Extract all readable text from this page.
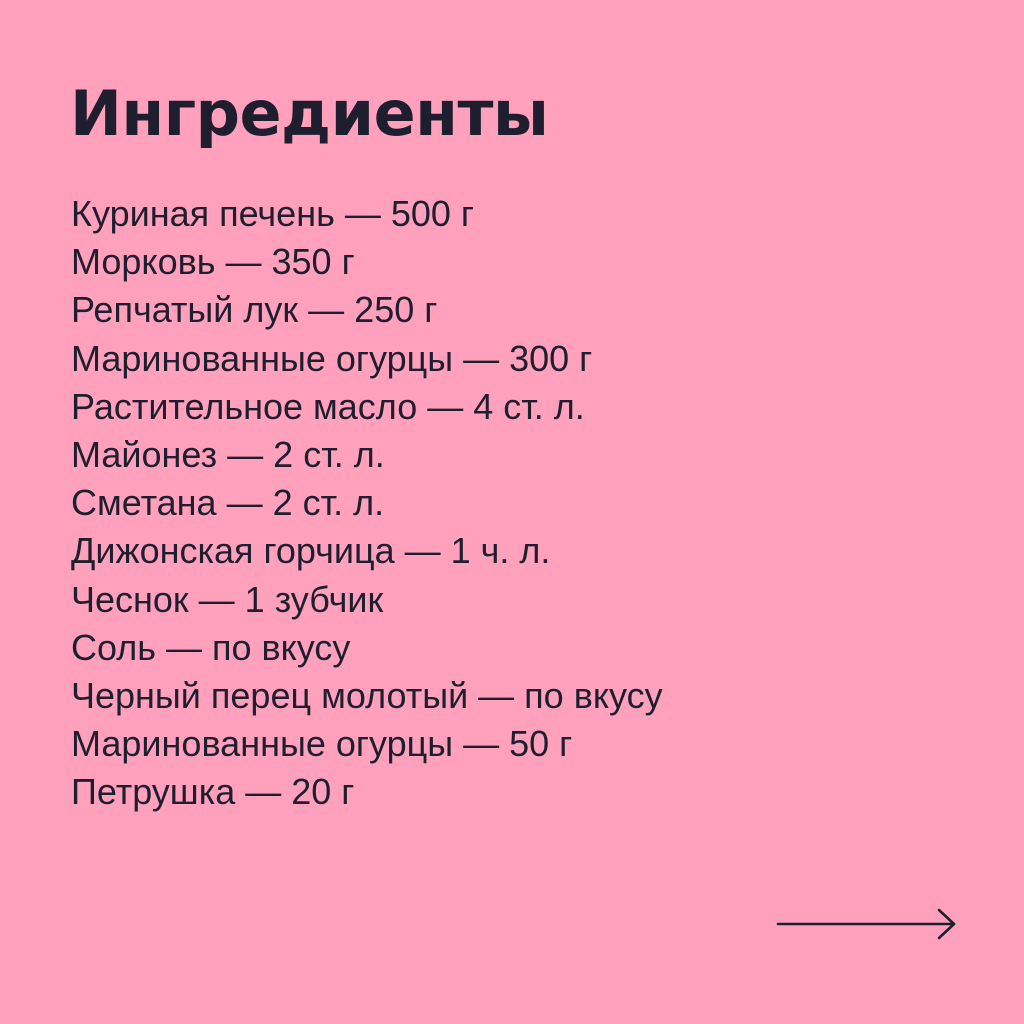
Ингредиенты
Куриная печень — 500 г
Морковь — 350 г
Репчатый лук — 250 г
Маринованные огурцы — 300 г
Растительное масло — 4 ст. л.
Майонез — 2 ст. л.
Сметана — 2 ст. л.
Дижонская горчица — 1 ч. л.
Чеснок — 1 зубчик
Соль — по вкусу
Черный перец молотый — по вкусу
Маринованные огурцы — 50 г
Петрушка — 20 г
